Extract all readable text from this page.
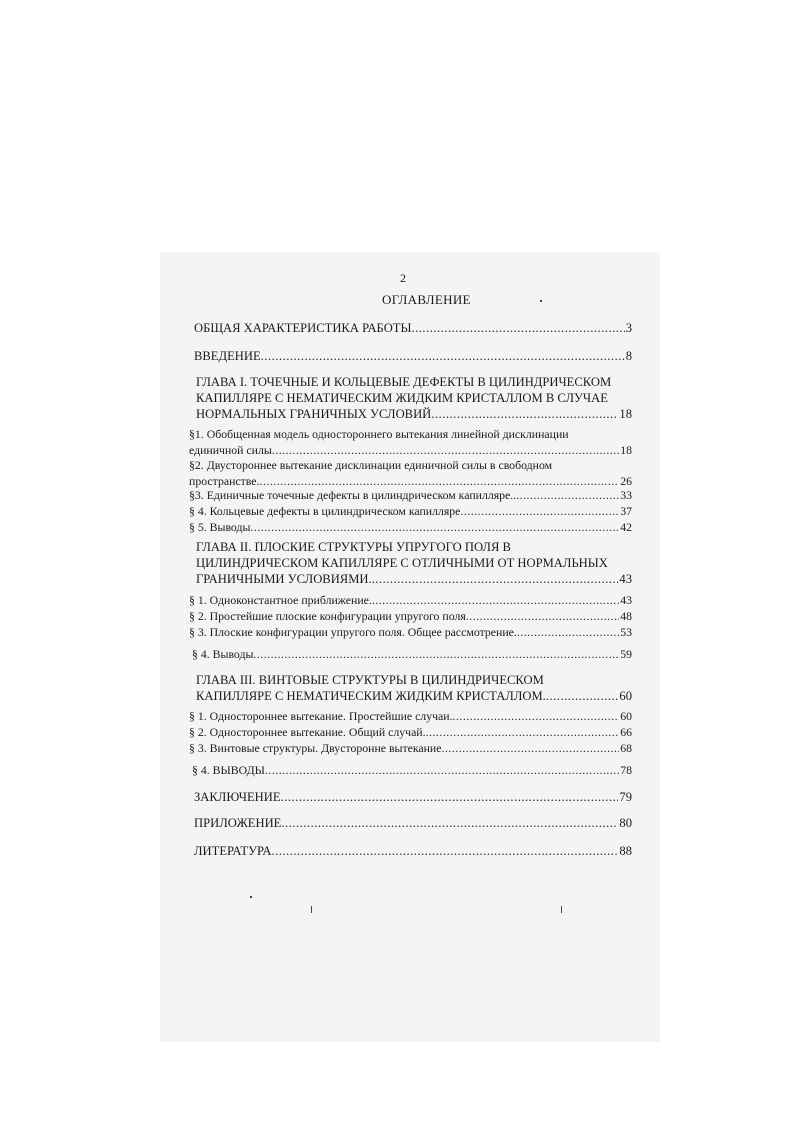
2
ОГЛАВЛЕНИЕ
ОБЩАЯ ХАРАКТЕРИСТИКА РАБОТЫ .....	3
ВВЕДЕНИЕ .....	8
ГЛАВА I. ТОЧЕЧНЫЕ И КОЛЬЦЕВЫЕ ДЕФЕКТЫ В ЦИЛИНДРИЧЕСКОМ
КАПИЛЛЯРЕ С НЕМАТИЧЕСКИМ ЖИДКИМ КРИСТАЛЛОМ В СЛУЧАЕ
НОРМАЛЬНЫХ ГРАНИЧНЫХ УСЛОВИЙ .....	18
§1. Обобщенная модель одностороннего вытекания линейной дисклинации
единичной силы .....	18
§2. Двустороннее вытекание дисклинации единичной силы в свободном
пространстве. .....	26
§3. Единичные точечные дефекты в цилиндрическом капилляре.. .....	33
§ 4. Кольцевые дефекты в цилиндрическом капилляре .....	37
§ 5. Выводы .....	42
ГЛАВА II. ПЛОСКИЕ СТРУКТУРЫ УПРУГОГО ПОЛЯ В
ЦИЛИНДРИЧЕСКОМ КАПИЛЛЯРЕ С ОТЛИЧНЫМИ ОТ НОРМАЛЬНЫХ
ГРАНИЧНЫМИ УСЛОВИЯМИ. .....	43
§ 1. Одноконстантное приближение. .....	43
§ 2. Простейшие плоские конфигурации упругого поля .....	48
§ 3. Плоские конфигурации упругого поля. Общее рассмотрение. .....	53
§ 4. Выводы .....	59
ГЛАВА III. ВИНТОВЫЕ СТРУКТУРЫ В ЦИЛИНДРИЧЕСКОМ
КАПИЛЛЯРЕ С НЕМАТИЧЕСКИМ ЖИДКИМ КРИСТАЛЛОМ. .....	60
§ 1. Одностороннее вытекание. Простейшие случаи. .....	60
§ 2. Одностороннее вытекание. Общий случай. .....	66
§ 3. Винтовые структуры. Двусторонне вытекание .....	68
§ 4. ВЫВОДЫ .....	78
ЗАКЛЮЧЕНИЕ .....	79
ПРИЛОЖЕНИЕ .....	80
ЛИТЕРАТУРА .....	88
